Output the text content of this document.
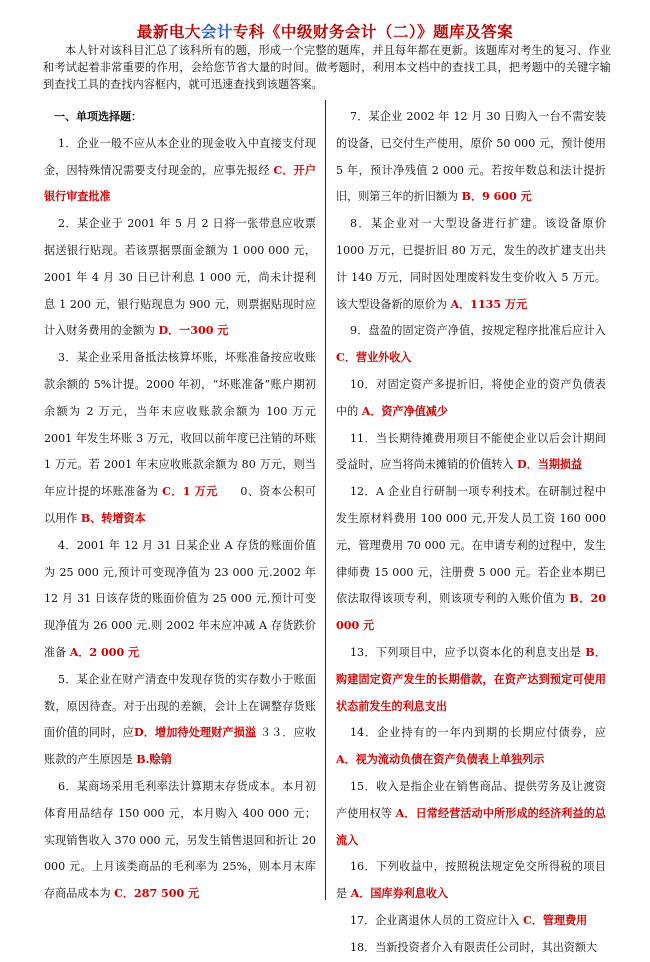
最新电大会计专科《中级财务会计（二）》题库及答案
本人针对该科目汇总了该科所有的题，形成一个完整的题库，并且每年都在更新。该题库对考生的复习、作业和考试起着非常重要的作用，会给您节省大量的时间。做考题时，利用本文档中的查找工具，把考题中的关键字输到查找工具的查找内容框内，就可迅速查找到该题答案。

一、单项选择题：

1．企业一般不应从本企业的现金收入中直接支付现金，因特殊情况需要支付现金的，应事先报经 C．开户银行审查批准

2．某企业于 2001 年 5 月 2 日将一张带息应收票据送银行贴现。若该票据票面金额为 1 000 000 元，2001 年 4 月 30 日已计利息 1 000 元，尚未计提利息 1 200 元，银行贴现息为 900 元，则票据贴现时应计入财务费用的金额为 D．一300 元

3．某企业采用备抵法核算坏账，坏账准备按应收账款余额的 5%计提。2000 年初，“坏账准备”账户期初余额为 2 万元，当年末应收账款余额为 100 万元 2001 年发生坏账 3 万元，收回以前年度已注销的坏账 1 万元。若 2001 年末应收账款余额为 80 万元，则当年应计提的坏账准备为 C．1 万元　　0、资本公积可以用作 B、转增资本

4．2001 年 12 月 31 日某企业 A 存货的账面价值为 25 000 元,预计可变现净值为 23 000 元.2002 年 12 月 31 日该存货的账面价值为 25 000 元,预计可变现净值为 26 000 元.则 2002 年末应冲减 A 存货跌价准备 A．2 000 元

5．某企业在财产清查中发现存货的实存数小于账面数，原因待查。对于出现的差额，会计上在调整存货账面价值的同时，应D．增加待处理财产损溢 ３３．应收账款的产生原因是 B.赊销

6．某商场采用毛利率法计算期末存货成本。本月初体育用品结存 150 000 元，本月购入 400 000 元；实现销售收入 370 000 元，另发生销售退回和折让 20 000 元。上月该类商品的毛利率为 25%，则本月末库存商品成本为 C．287 500 元

7．某企业 2002 年 12 月 30 日购入一台不需安装的设备，已交付生产使用，原价 50 000 元，预计使用 5 年，预计净残值 2 000 元。若按年数总和法计提折旧，则第三年的折旧额为 B．9 600 元

8．某企业对一大型设备进行扩建。该设备原价 1000 万元，已提折旧 80 万元，发生的改扩建支出共计 140 万元，同时因处理废料发生变价收入 5 万元。该大型设备新的原价为 A．1135 万元

9．盘盈的固定资产净值，按规定程序批准后应计入 C．营业外收入

10．对固定资产多提折旧，将使企业的资产负债表中的 A．资产净值减少

11．当长期待摊费用项目不能使企业以后会计期间受益时，应当将尚未摊销的价值转入 D．当期损益

12．A 企业自行研制一项专利技术。在研制过程中发生原材料费用 100 000 元,开发人员工资 160 000 元，管理费用 70 000 元。在申请专利的过程中，发生律师费 15 000 元，注册费 5 000 元。若企业本期已依法取得该项专利，则该项专利的入账价值为 B．20 000 元

13．下列项目中，应予以资本化的利息支出是 B．购建固定资产发生的长期借款，在资产达到预定可使用状态前发生的利息支出

14．企业持有的一年内到期的长期应付债券，应 A．视为流动负债在资产负债表上单独列示

15．收入是指企业在销售商品、提供劳务及让渡资产使用权等 A．日常经营活动中所形成的经济利益的总流入

16．下列收益中，按照税法规定免交所得税的项目是 A．国库券利息收入

17．企业离退休人员的工资应计入 C．管理费用

18．当新投资者介入有限责任公司时，其出资额大
